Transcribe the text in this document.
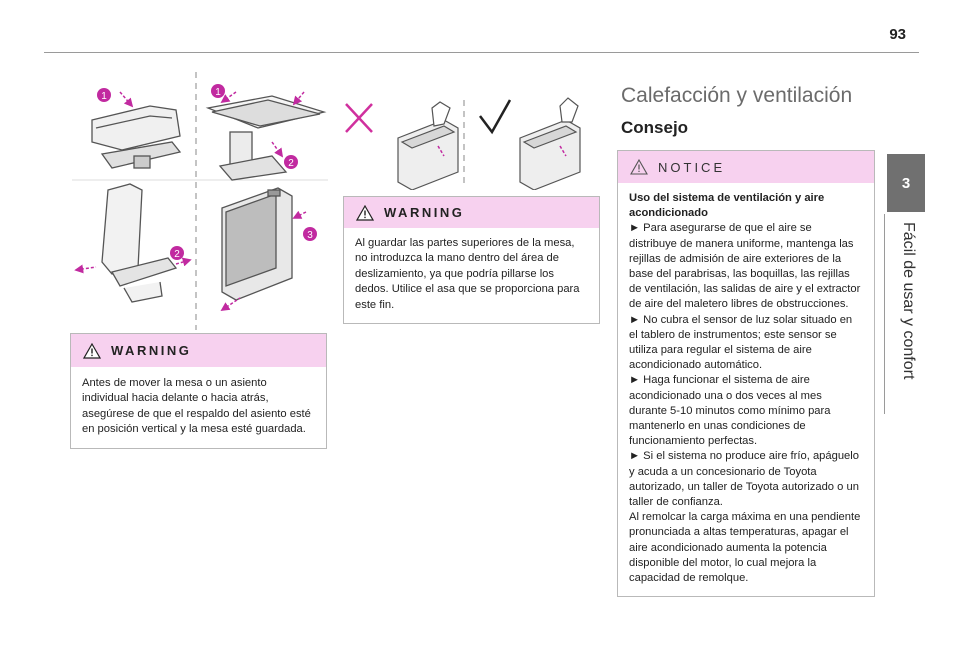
93
3
Fácil de usar y confort
1	1
2
2
3
WARNING

Antes de mover la mesa o un asiento individual hacia delante o hacia atrás, asegúrese de que el respaldo del asiento esté en posición vertical y la mesa esté guardada.

WARNING

Al guardar las partes superiores de la mesa, no introduzca la mano dentro del área de deslizamiento, ya que podría pillarse los dedos. Utilice el asa que se proporciona para este fin.

Calefacción y ventilación
Consejo
NOTICE

Uso del sistema de ventilación y aire acondicionado

► Para asegurarse de que el aire se distribuye de manera uniforme, mantenga las rejillas de admisión de aire exteriores de la base del parabrisas, las boquillas, las rejillas de ventilación, las salidas de aire y el extractor de aire del maletero libres de obstrucciones.

► No cubra el sensor de luz solar situado en el tablero de instrumentos; este sensor se utiliza para regular el sistema de aire acondicionado automático.

► Haga funcionar el sistema de aire acondicionado una o dos veces al mes durante 5-10 minutos como mínimo para mantenerlo en unas condiciones de funcionamiento perfectas.

► Si el sistema no produce aire frío, apáguelo y acuda a un concesionario de Toyota autorizado, un taller de Toyota autorizado o un taller de confianza.

Al remolcar la carga máxima en una pendiente pronunciada a altas temperaturas, apagar el aire acondicionado aumenta la potencia disponible del motor, lo cual mejora la capacidad de remolque.
